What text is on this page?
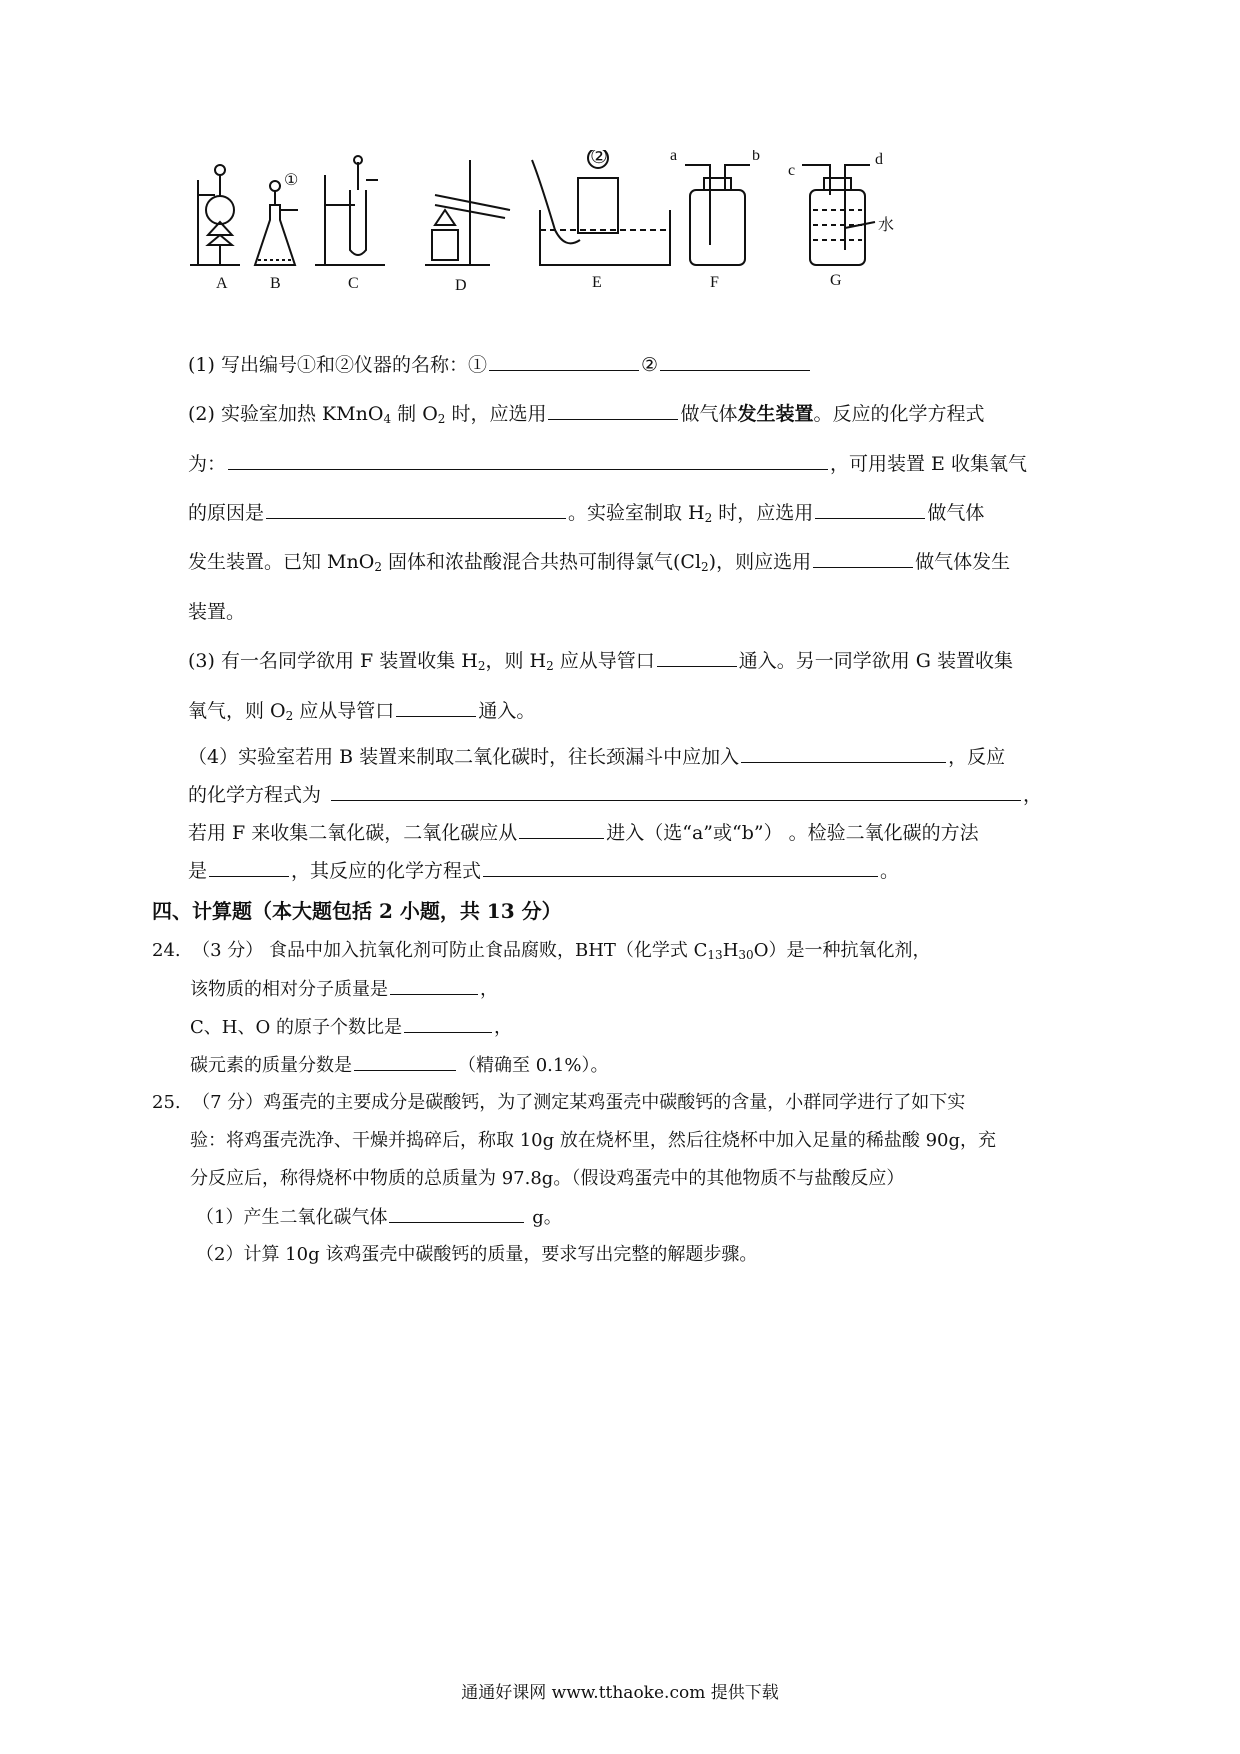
A	B	C	D	E	F	G
①
②	a	b
c
d
水
(1) 写出编号①和②仪器的名称：①	②
(2) 实验室加热 KMnO$_4$ 制 $O_2$ 时，应选用	做气体发生装置。反应的化学方程式
为：	，可用装置 E 收集氧气
的原因是	。实验室制取 $H_2$ 时，应选用	做气体
发生装置。已知 MnO$_2$ 固体和浓盐酸混合共热可制得氯气$(Cl_2)$，则应选用	做气体发生
装置。
(3) 有一名同学欲用 F 装置收集 $H_2$，则 $H_2$ 应从导管口	通入。另一同学欲用 G 装置收集
氧气，则 $O_2$ 应从导管口	通入。
（4）实验室若用 B 装置来制取二氧化碳时，往长颈漏斗中应加入	，反应
的化学方程式为	，
若用 F 来收集二氧化碳，二氧化碳应从	进入（选“a”或“b”） 。检验二氧化碳的方法
是	，其反应的化学方程式	。
四、计算题（本大题包括 2 小题，共 13 分）
24. （3 分） 食品中加入抗氧化剂可防止食品腐败，BHT（化学式 $C_{13}H_{30}O$）是一种抗氧化剂，
该物质的相对分子质量是	，
C、H、O 的原子个数比是	，
碳元素的质量分数是	（精确至 0.1%）。
25. （7 分）鸡蛋壳的主要成分是碳酸钙，为了测定某鸡蛋壳中碳酸钙的含量，小群同学进行了如下实
验：将鸡蛋壳洗净、干燥并捣碎后，称取 10g 放在烧杯里，然后往烧杯中加入足量的稀盐酸 90g，充
分反应后，称得烧杯中物质的总质量为 97.8g。（假设鸡蛋壳中的其他物质不与盐酸反应）
（1）产生二氧化碳气体	g。
（2）计算 10g 该鸡蛋壳中碳酸钙的质量，要求写出完整的解题步骤。
通通好课网 www.tthaoke.com 提供下载
